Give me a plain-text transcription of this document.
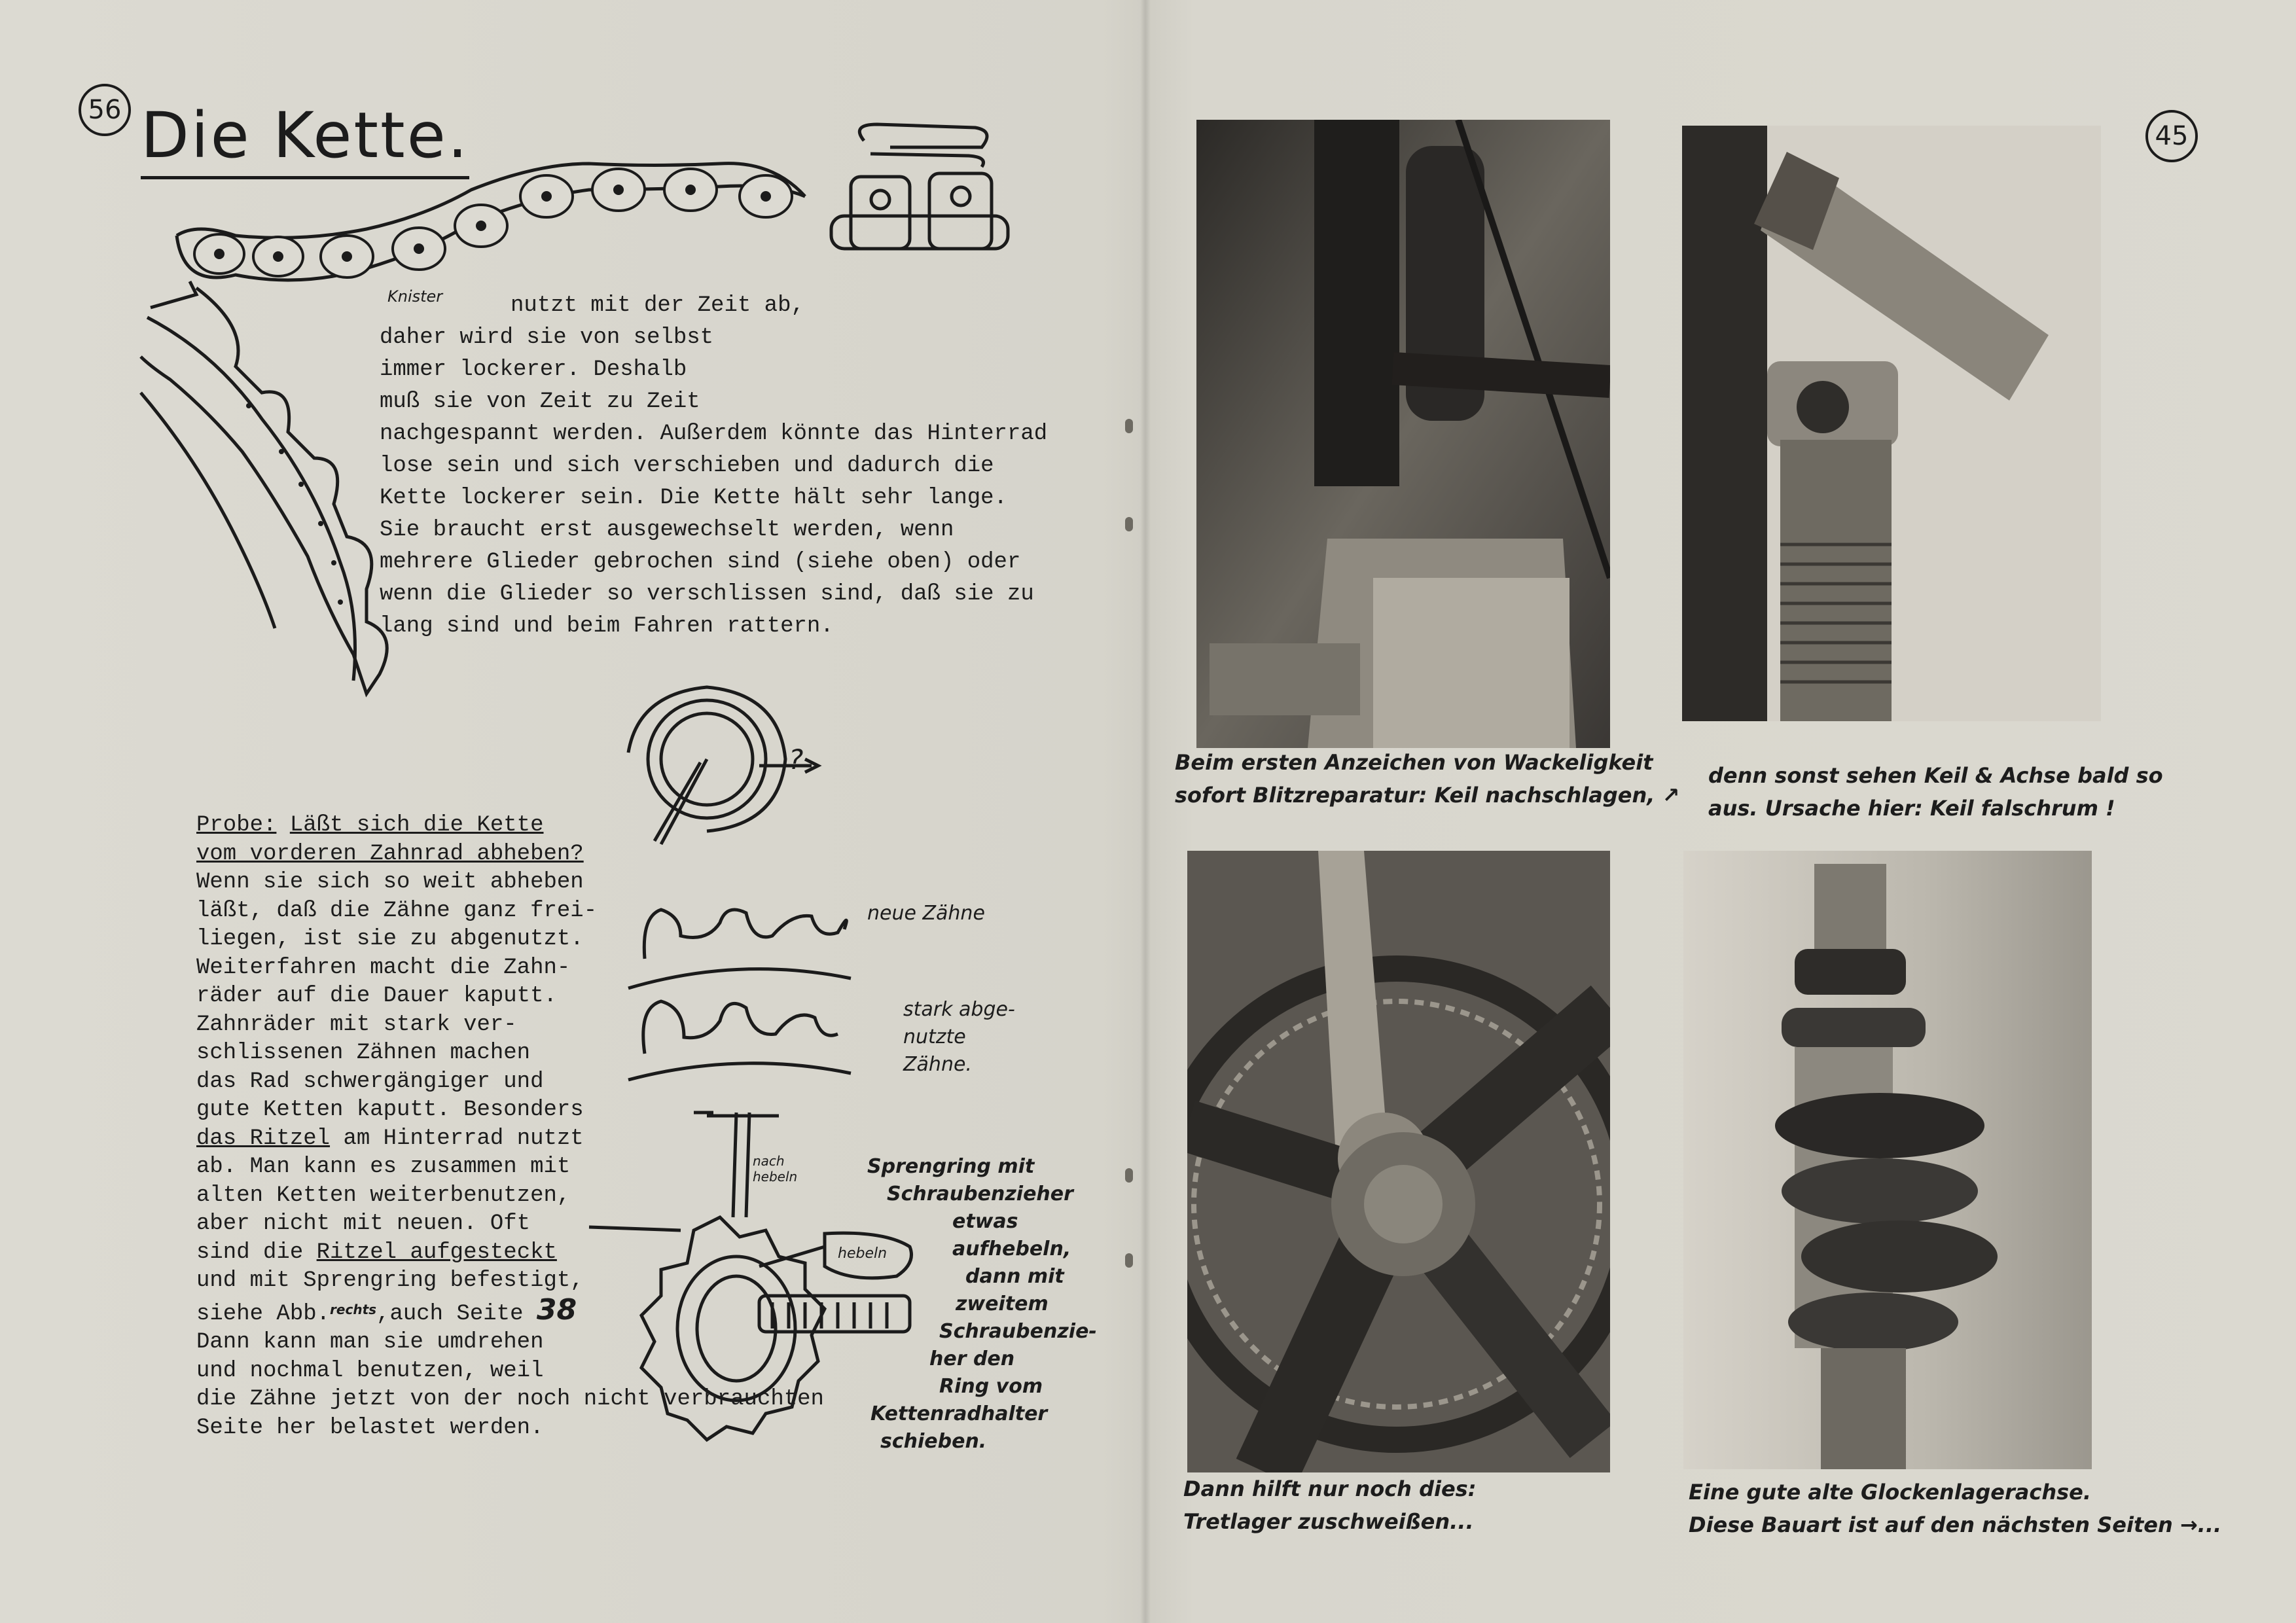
56 Die Kette.
Knister	nutzt mit der Zeit ab,
daher wird sie von selbst
immer lockerer. Deshalb
muß sie von Zeit zu Zeit
nachgespannt werden. Außerdem könnte das Hinterrad
lose sein und sich verschieben und dadurch die
Kette lockerer sein. Die Kette hält sehr lange.
Sie braucht erst ausgewechselt werden, wenn
mehrere Glieder gebrochen sind (siehe oben) oder
wenn die Glieder so verschlissen sind, daß sie zu
lang sind und beim Fahren rattern.
?
neue Zähne
stark abge-
nutzte
Zähne.
nach
hebeln
hebeln
Sprengring mit
Schraubenzieher
etwas
aufhebeln,
dann mit
zweitem
Schraubenzie-
her den
Ring vom
Kettenradhalter
schieben.
Probe: Läßt sich die Kette
vom vorderen Zahnrad abheben?
Wenn sie sich so weit abheben
läßt, daß die Zähne ganz frei-
liegen, ist sie zu abgenutzt.
Weiterfahren macht die Zahn-
räder auf die Dauer kaputt.
Zahnräder mit stark ver-
schlissenen Zähnen machen
das Rad schwergängiger und
gute Ketten kaputt. Besonders
das Ritzel am Hinterrad nutzt
ab. Man kann es zusammen mit
alten Ketten weiterbenutzen,
aber nicht mit neuen. Oft
sind die Ritzel aufgesteckt
und mit Sprengring befestigt,
siehe Abb.$^{rechts}$,auch Seite 38
Dann kann man sie umdrehen
und nochmal benutzen, weil
die Zähne jetzt von der noch nicht verbrauchten
Seite her belastet werden.
45
Beim ersten Anzeichen von Wackeligkeit
sofort Blitzreparatur: Keil nachschlagen, ↗
denn sonst sehen Keil & Achse bald so
aus. Ursache hier: Keil falschrum !
Dann hilft nur noch dies:
Tretlager zuschweißen...
Eine gute alte Glockenlagerachse.
Diese Bauart ist auf den nächsten Seiten →...
